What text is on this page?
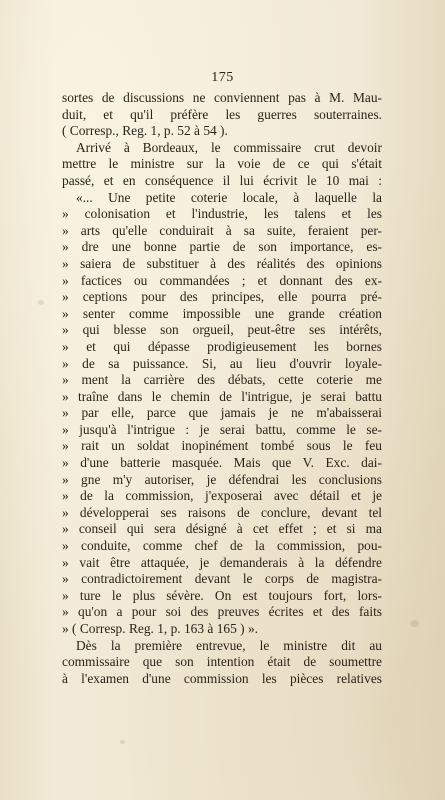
175
sortes de discussions ne conviennent pas à M. Mau-
duit, et qu'il préfère les guerres souterraines.
( Corresp., Reg. 1, p. 52 à 54 ).
Arrivé à Bordeaux, le commissaire crut devoir
mettre le ministre sur la voie de ce qui s'était
passé, et en conséquence il lui écrivit le 10 mai :
«... Une petite coterie locale, à laquelle la
» colonisation et l'industrie, les talens et les
» arts qu'elle conduirait à sa suite, feraient per-
» dre une bonne partie de son importance, es-
» saiera de substituer à des réalités des opinions
» factices ou commandées ; et donnant des ex-
» ceptions pour des principes, elle pourra pré-
» senter comme impossible une grande création
» qui blesse son orgueil, peut-être ses intérêts,
» et qui dépasse prodigieusement les bornes
» de sa puissance. Si, au lieu d'ouvrir loyale-
» ment la carrière des débats, cette coterie me
» traîne dans le chemin de l'intrigue, je serai battu
» par elle, parce que jamais je ne m'abaisserai
» jusqu'à l'intrigue : je serai battu, comme le se-
» rait un soldat inopinément tombé sous le feu
» d'une batterie masquée. Mais que V. Exc. dai-
» gne m'y autoriser, je défendrai les conclusions
» de la commission, j'exposerai avec détail et je
» développerai ses raisons de conclure, devant tel
» conseil qui sera désigné à cet effet ; et si ma
» conduite, comme chef de la commission, pou-
» vait être attaquée, je demanderais à la défendre
» contradictoirement devant le corps de magistra-
» ture le plus sévère. On est toujours fort, lors-
» qu'on a pour soi des preuves écrites et des faits
» ( Corresp. Reg. 1, p. 163 à 165 ) ».
Dès la première entrevue, le ministre dit au
commissaire que son intention était de soumettre
à l'examen d'une commission les pièces relatives
